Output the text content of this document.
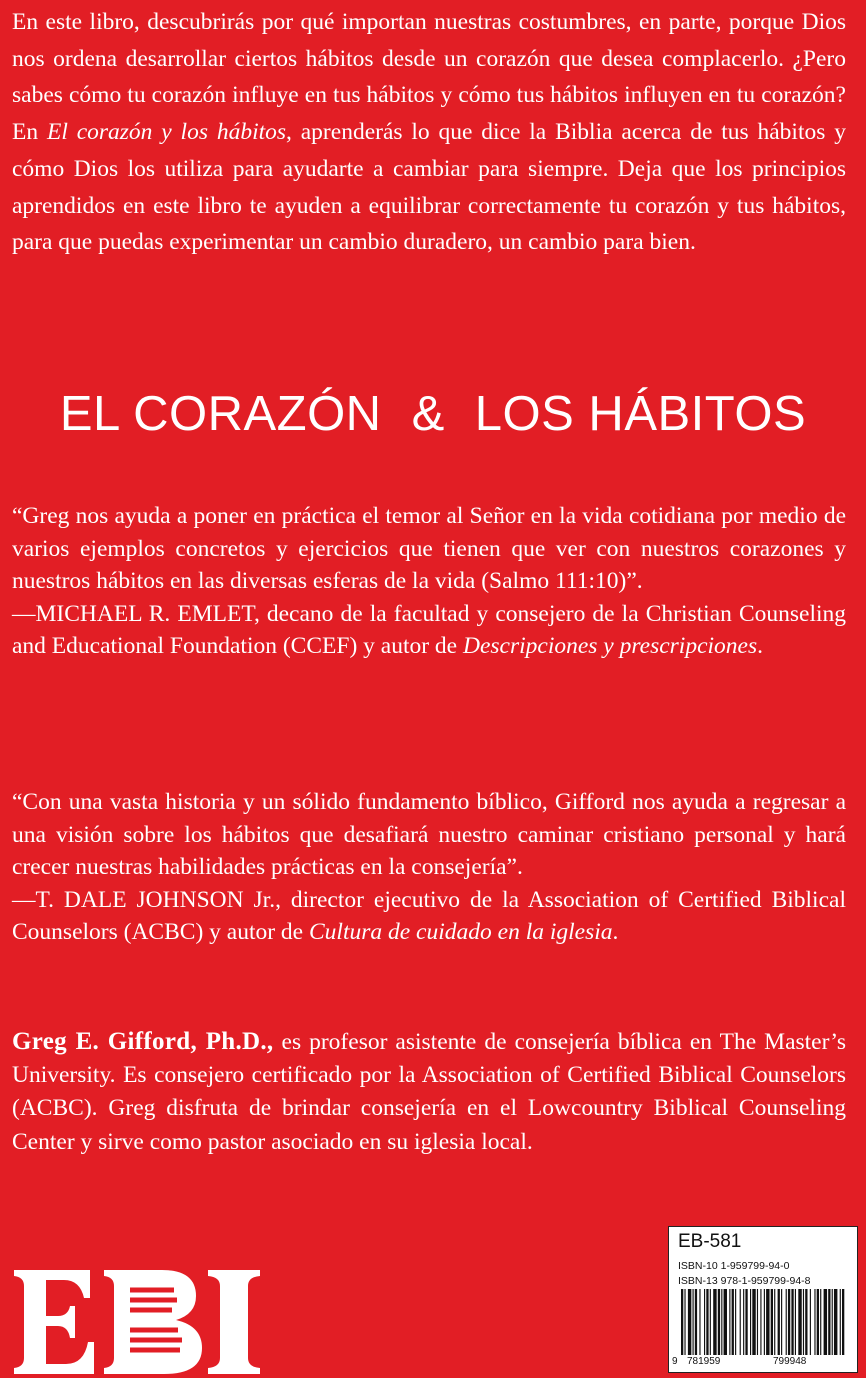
En este libro, descubrirás por qué importan nuestras costumbres, en parte, porque Dios nos ordena desarrollar ciertos hábitos desde un corazón que desea complacerlo. ¿Pero sabes cómo tu corazón influye en tus hábitos y cómo tus hábitos influyen en tu corazón? En El corazón y los hábitos, aprenderás lo que dice la Biblia acerca de tus hábitos y cómo Dios los utiliza para ayudarte a cambiar para siempre. Deja que los principios aprendidos en este libro te ayuden a equilibrar correctamente tu corazón y tus hábitos, para que puedas experimentar un cambio duradero, un cambio para bien.

EL CORAZÓN & LOS HÁBITOS

“Greg nos ayuda a poner en práctica el temor al Señor en la vida cotidiana por medio de varios ejemplos concretos y ejercicios que tienen que ver con nuestros corazones y nuestros hábitos en las diversas esferas de la vida (Salmo 111:10)”.
—MICHAEL R. EMLET, decano de la facultad y consejero de la Christian Counseling and Educational Foundation (CCEF) y autor de Descripciones y prescripciones.

“Con una vasta historia y un sólido fundamento bíblico, Gifford nos ayuda a regresar a una visión sobre los hábitos que desafiará nuestro caminar cristiano personal y hará crecer nuestras habilidades prácticas en la consejería”.
—T. DALE JOHNSON Jr., director ejecutivo de la Association of Certified Biblical Counselors (ACBC) y autor de Cultura de cuidado en la iglesia.

Greg E. Gifford, Ph.D., es profesor asistente de consejería bíblica en The Master’s University. Es consejero certificado por la Association of Certified Biblical Counselors (ACBC). Greg disfruta de brindar consejería en el Lowcountry Biblical Counseling Center y sirve como pastor asociado en su iglesia local.

EB-581
ISBN-10 1-959799-94-0
ISBN-13 978-1-959799-94-8
9 781959	799948
